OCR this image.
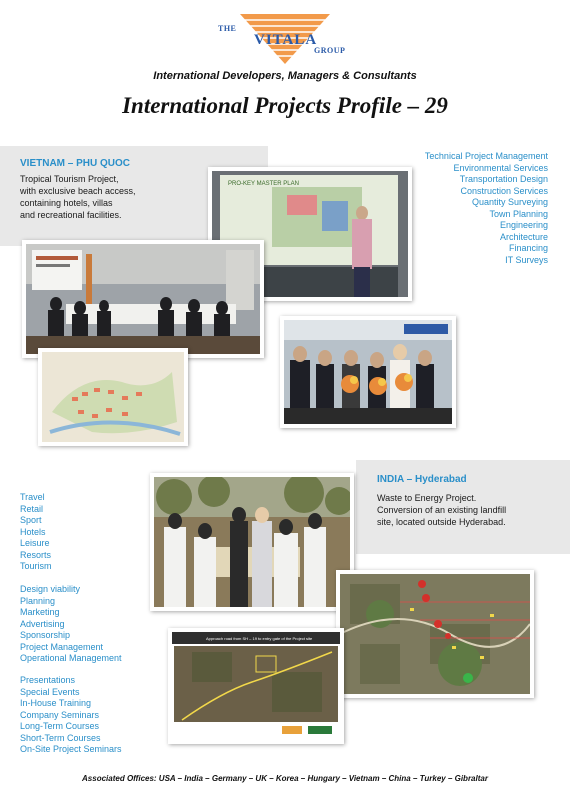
THE
VITALA
GROUP
International Developers, Managers & Consultants
International Projects Profile – 29
VIETNAM – PHU QUOC
Tropical Tourism Project,
with exclusive beach access,
containing hotels, villas
and recreational facilities.
Technical Project Management
Environmental Services
Transportation Design
Construction Services
Quantity Surveying
Town Planning
Engineering
Architecture
Financing
IT Surveys
PRO-KEY MASTER PLAN
Travel
Retail
Sport
Hotels
Leisure
Resorts
Tourism
Design viability
Planning
Marketing
Advertising
Sponsorship
Project Management
Operational Management
Presentations
Special Events
In-House Training
Company Seminars
Long-Term Courses
Short-Term Courses
On-Site Project Seminars
INDIA – Hyderabad
Waste to Energy Project.
Conversion of an existing landfill
site, located outside Hyderabad.
Approach road from SH – 19 to entry gate of the Project site
Associated Offices: USA – India – Germany – UK – Korea – Hungary – Vietnam – China – Turkey – Gibraltar
